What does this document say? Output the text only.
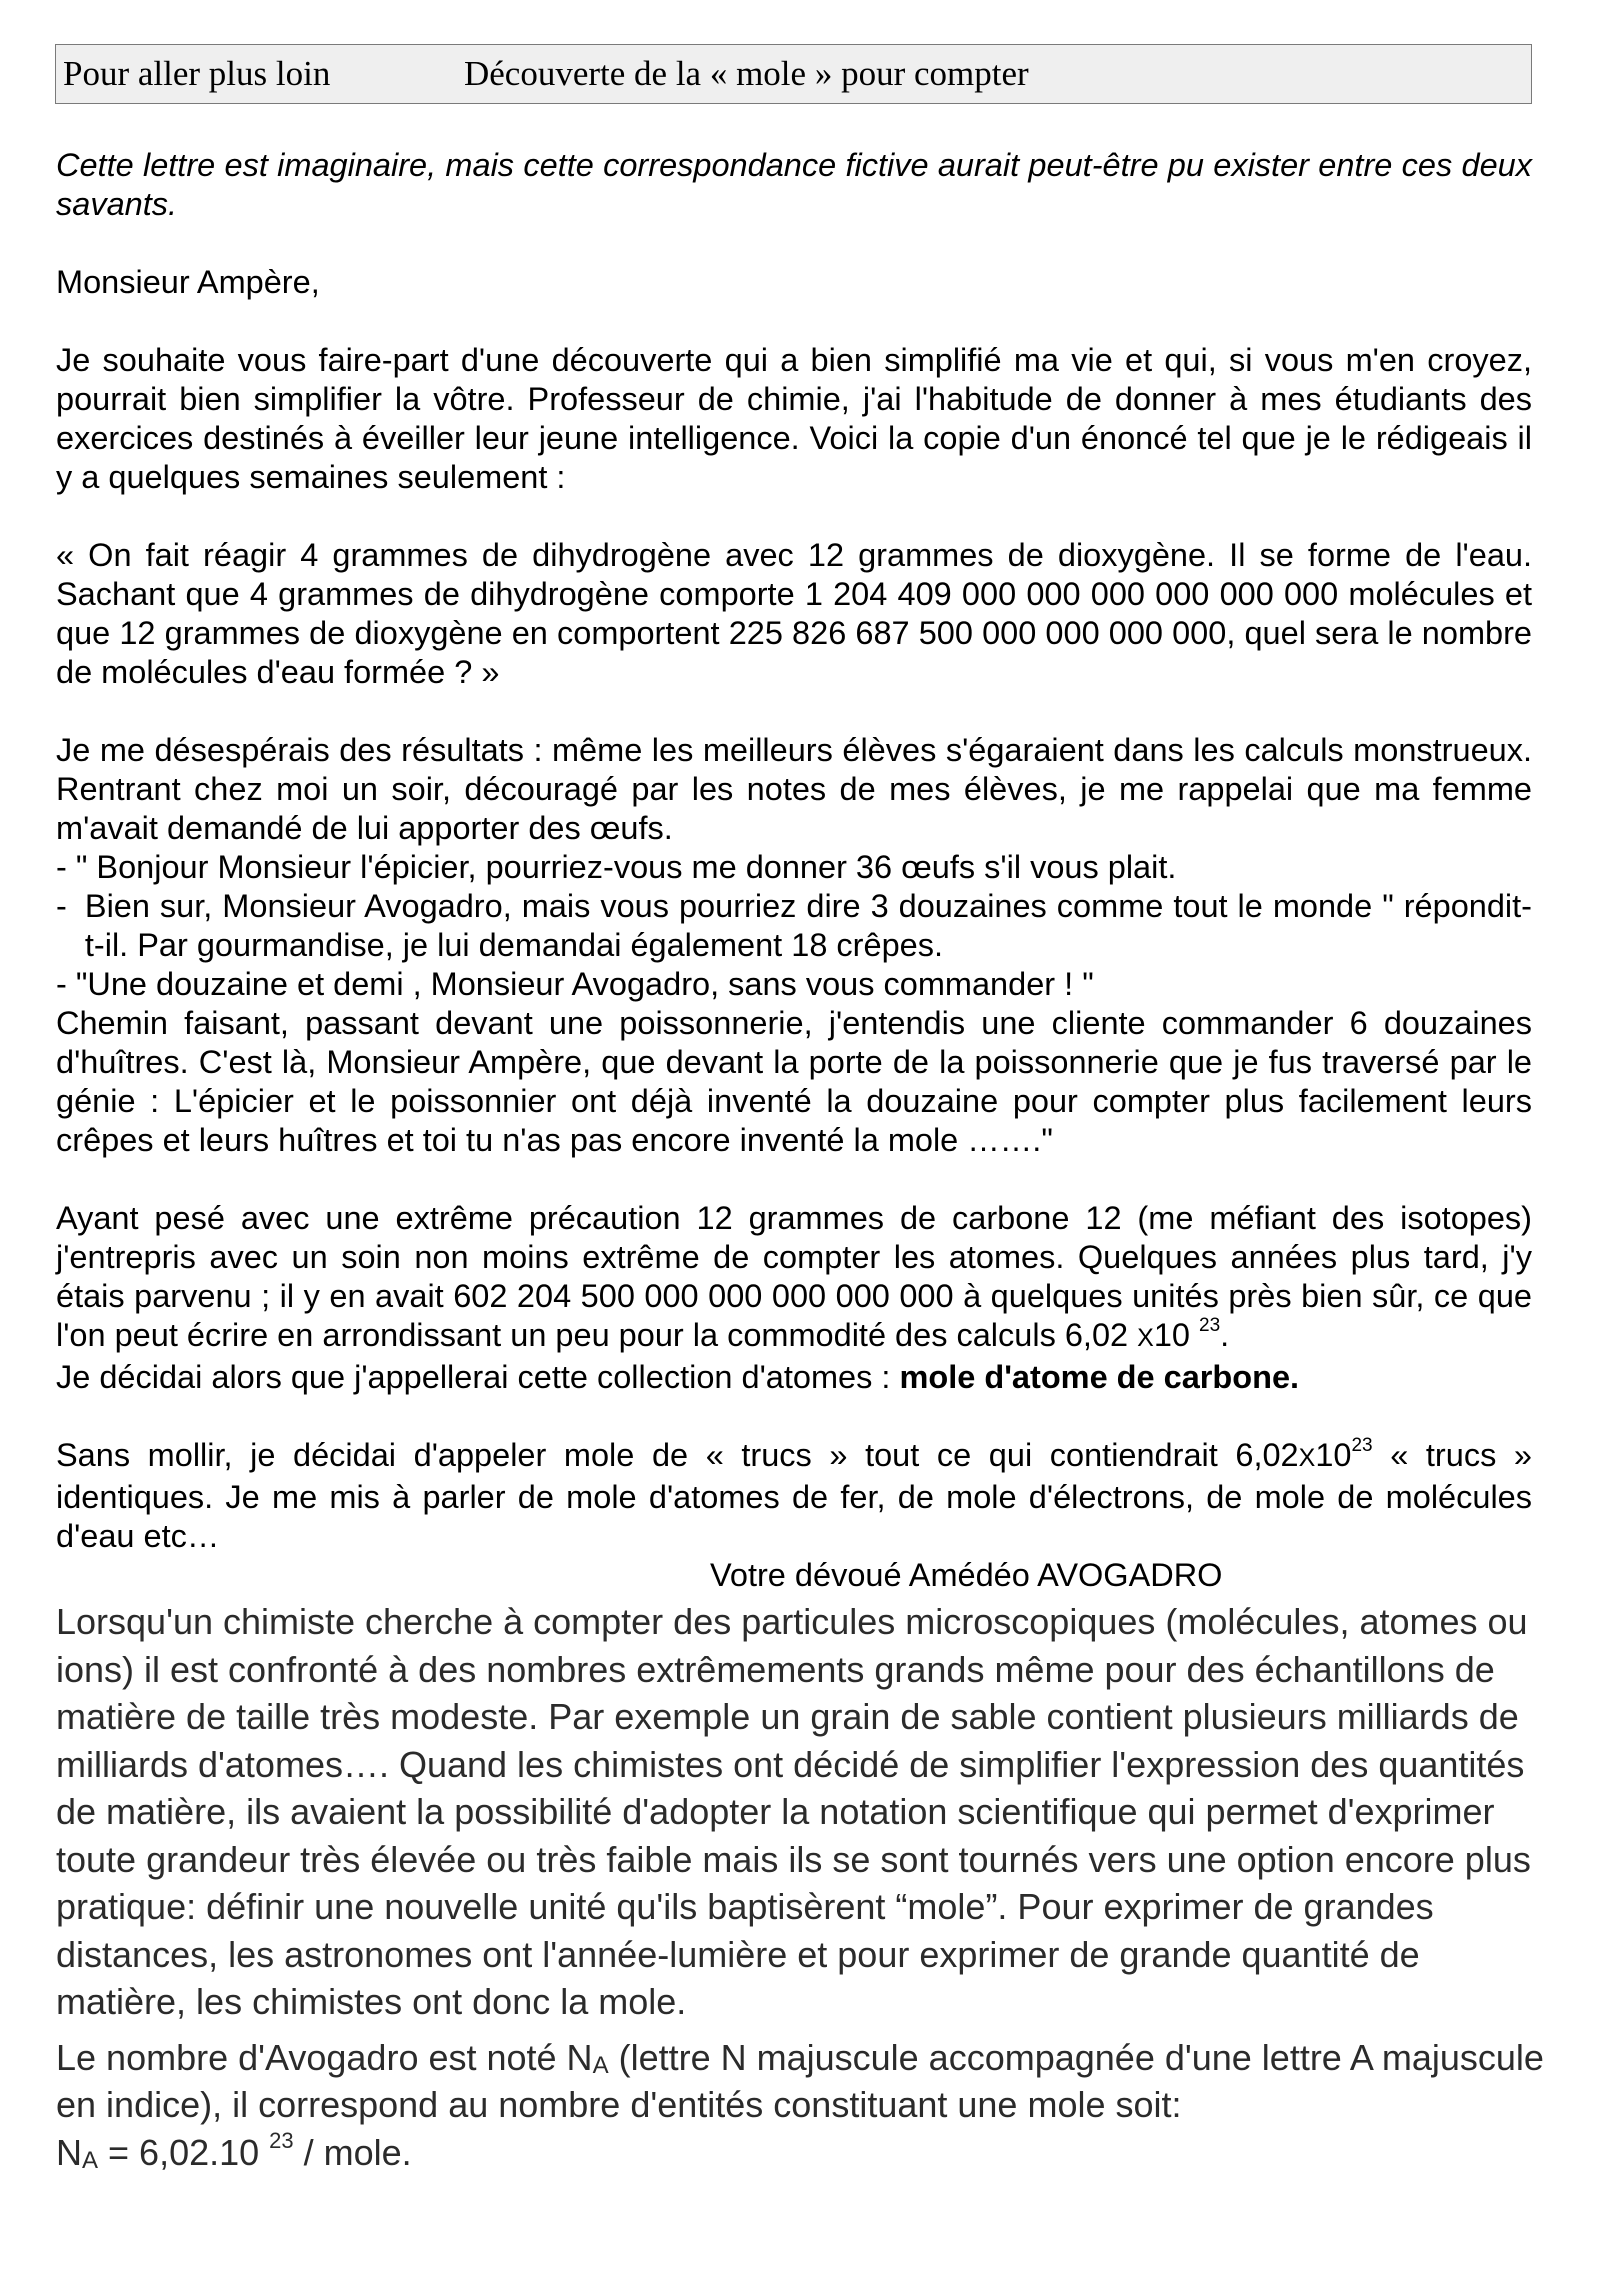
Pour aller plus loin	Découverte de la « mole » pour compter

Cette lettre est imaginaire, mais cette correspondance fictive aurait peut-être pu exister entre ces deux savants.

Monsieur Ampère,

Je souhaite vous faire-part d'une découverte qui a bien simplifié ma vie et qui, si vous m'en croyez, pourrait bien simplifier la vôtre. Professeur de chimie, j'ai l'habitude de donner à mes étudiants des exercices destinés à éveiller leur jeune intelligence. Voici la copie d'un énoncé tel que je le rédigeais il y a quelques semaines seulement :

« On fait réagir 4 grammes de dihydrogène avec 12 grammes de dioxygène. Il se forme de l'eau. Sachant que 4 grammes de dihydrogène comporte 1 204 409 000 000 000 000 000 000 molécules et que 12 grammes de dioxygène en comportent 225 826 687 500 000 000 000 000, quel sera le nombre de molécules d'eau formée ? »

Je me désespérais des résultats : même les meilleurs élèves s'égaraient dans les calculs monstrueux. Rentrant chez moi un soir, découragé par les notes de mes élèves, je me rappelai que ma femme m'avait demandé de lui apporter des œufs.

- " Bonjour Monsieur l'épicier, pourriez-vous me donner 36 œufs s'il vous plait.

- Bien sur, Monsieur Avogadro, mais vous pourriez dire 3 douzaines comme tout le monde " répondit-t-il. Par gourmandise, je lui demandai également 18 crêpes.

- "Une douzaine et demi , Monsieur Avogadro, sans vous commander ! "

Chemin faisant, passant devant une poissonnerie, j'entendis une cliente commander 6 douzaines d'huîtres. C'est là, Monsieur Ampère, que devant la porte de la poissonnerie que je fus traversé par le génie : L'épicier et le poissonnier ont déjà inventé la douzaine pour compter plus facilement leurs crêpes et leurs huîtres et toi tu n'as pas encore inventé la mole ……."

Ayant pesé avec une extrême précaution 12 grammes de carbone 12 (me méfiant des isotopes) j'entrepris avec un soin non moins extrême de compter les atomes. Quelques années plus tard, j'y étais parvenu ; il y en avait 602 204 500 000 000 000 000 000 à quelques unités près bien sûr, ce que l'on peut écrire en arrondissant un peu pour la commodité des calculs 6,02 X10 $^{23}$.

Je décidai alors que j'appellerai cette collection d'atomes : mole d'atome de carbone.

Sans mollir, je décidai d'appeler mole de « trucs » tout ce qui contiendrait $6,02X10^{23}$ « trucs » identiques. Je me mis à parler de mole d'atomes de fer, de mole d'électrons, de mole de molécules d'eau etc…

Votre dévoué Amédéo AVOGADRO

Lorsqu'un chimiste cherche à compter des particules microscopiques (molécules, atomes ou ions) il est confronté à des nombres extrêmements grands même pour des échantillons de matière de taille très modeste. Par exemple un grain de sable contient plusieurs milliards de milliards d'atomes…. Quand les chimistes ont décidé de simplifier l'expression des quantités de matière, ils avaient la possibilité d'adopter la notation scientifique qui permet d'exprimer toute grandeur très élevée ou très faible mais ils se sont tournés vers une option encore plus pratique: définir une nouvelle unité qu'ils baptisèrent “mole”. Pour exprimer de grandes distances, les astronomes ont l'année-lumière et pour exprimer de grande quantité de matière, les chimistes ont donc la mole.

Le nombre d'Avogadro est noté $N_A$ (lettre N majuscule accompagnée d'une lettre A majuscule en indice), il correspond au nombre d'entités constituant une mole soit:

$N_A = 6,02.10$ $^{23}$ / mole.
